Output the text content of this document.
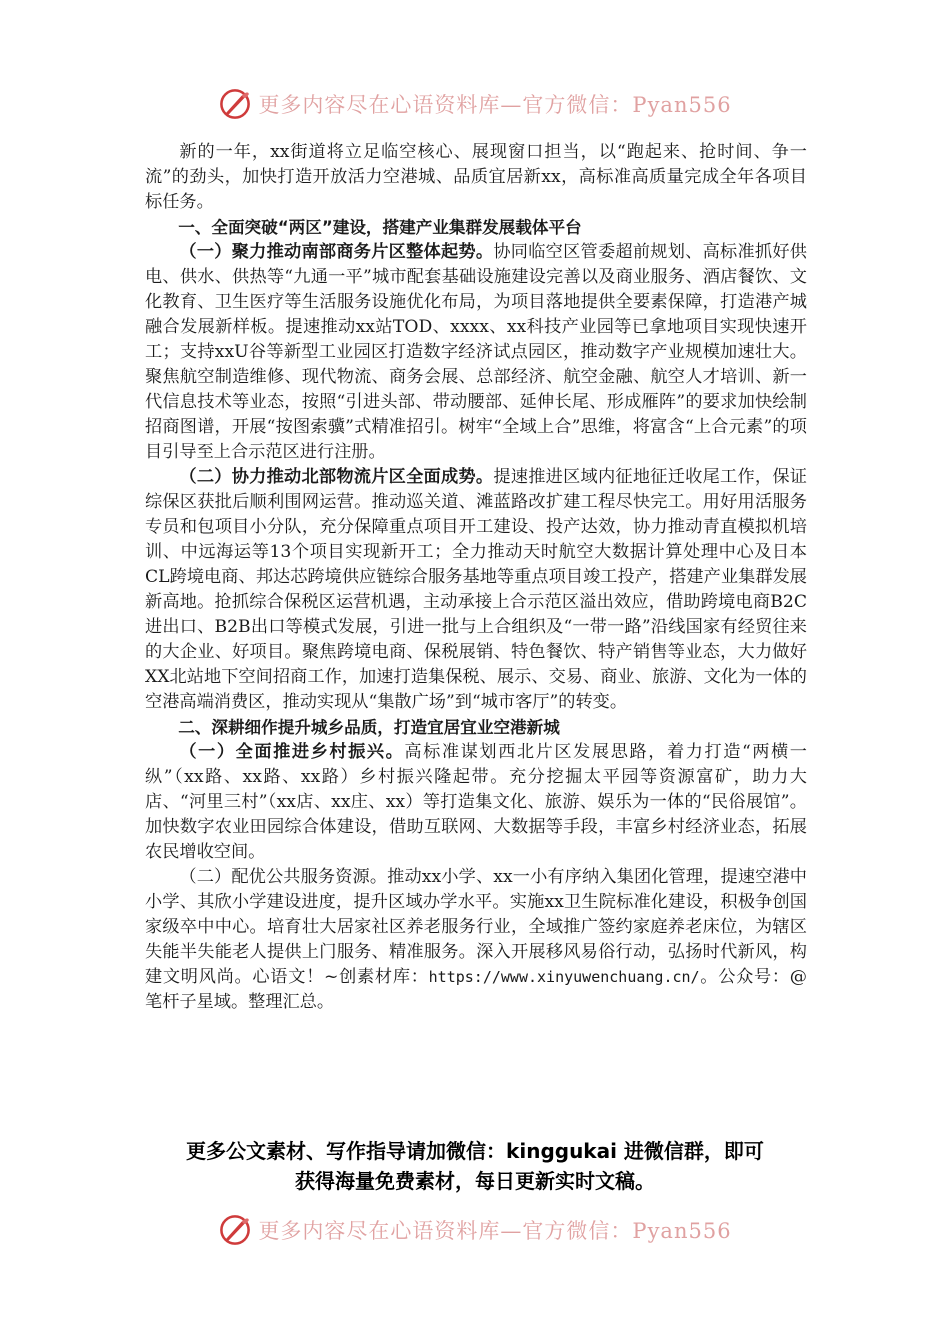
更多内容尽在心语资料库—官方微信：Pyan556

新的一年，xx街道将立足临空核心、展现窗口担当，以“跑起来、抢时间、争一流”的劲头，加快打造开放活力空港城、品质宜居新xx，高标准高质量完成全年各项目标任务。

一、全面突破“两区”建设，搭建产业集群发展载体平台

（一）聚力推动南部商务片区整体起势。协同临空区管委超前规划、高标准抓好供电、供水、供热等“九通一平”城市配套基础设施建设完善以及商业服务、酒店餐饮、文化教育、卫生医疗等生活服务设施优化布局，为项目落地提供全要素保障，打造港产城融合发展新样板。提速推动xx站TOD、xxxx、xx科技产业园等已拿地项目实现快速开工；支持xxU谷等新型工业园区打造数字经济试点园区，推动数字产业规模加速壮大。聚焦航空制造维修、现代物流、商务会展、总部经济、航空金融、航空人才培训、新一代信息技术等业态，按照“引进头部、带动腰部、延伸长尾、形成雁阵”的要求加快绘制招商图谱，开展“按图索骥”式精准招引。树牢“全域上合”思维，将富含“上合元素”的项目引导至上合示范区进行注册。

（二）协力推动北部物流片区全面成势。提速推进区域内征地征迁收尾工作，保证综保区获批后顺利围网运营。推动巡关道、滩蓝路改扩建工程尽快完工。用好用活服务专员和包项目小分队，充分保障重点项目开工建设、投产达效，协力推动青直模拟机培训、中远海运等13个项目实现新开工；全力推动天时航空大数据计算处理中心及日本CL跨境电商、邦达芯跨境供应链综合服务基地等重点项目竣工投产，搭建产业集群发展新高地。抢抓综合保税区运营机遇，主动承接上合示范区溢出效应，借助跨境电商B2C进出口、B2B出口等模式发展，引进一批与上合组织及“一带一路”沿线国家有经贸往来的大企业、好项目。聚焦跨境电商、保税展销、特色餐饮、特产销售等业态，大力做好XX北站地下空间招商工作，加速打造集保税、展示、交易、商业、旅游、文化为一体的空港高端消费区，推动实现从“集散广场”到“城市客厅”的转变。

二、深耕细作提升城乡品质，打造宜居宜业空港新城

（一）全面推进乡村振兴。高标准谋划西北片区发展思路，着力打造“两横一纵”（xx路、xx路、xx路）乡村振兴隆起带。充分挖掘太平园等资源富矿，助力大店、“河里三村”（xx店、xx庄、xx）等打造集文化、旅游、娱乐为一体的“民俗展馆”。加快数字农业田园综合体建设，借助互联网、大数据等手段，丰富乡村经济业态，拓展农民增收空间。

（二）配优公共服务资源。推动xx小学、xx一小有序纳入集团化管理，提速空港中小学、其欣小学建设进度，提升区域办学水平。实施xx卫生院标准化建设，积极争创国家级卒中中心。培育壮大居家社区养老服务行业，全域推广签约家庭养老床位，为辖区失能半失能老人提供上门服务、精准服务。深入开展移风易俗行动，弘扬时代新风，构建文明风尚。心语文！~创素材库：https://www.xinyuwenchuang.cn/。公众号：@笔杆子星域。整理汇总。

更多公文素材、写作指导请加微信：kinggukai 进微信群，即可
获得海量免费素材，每日更新实时文稿。
更多内容尽在心语资料库—官方微信：Pyan556
